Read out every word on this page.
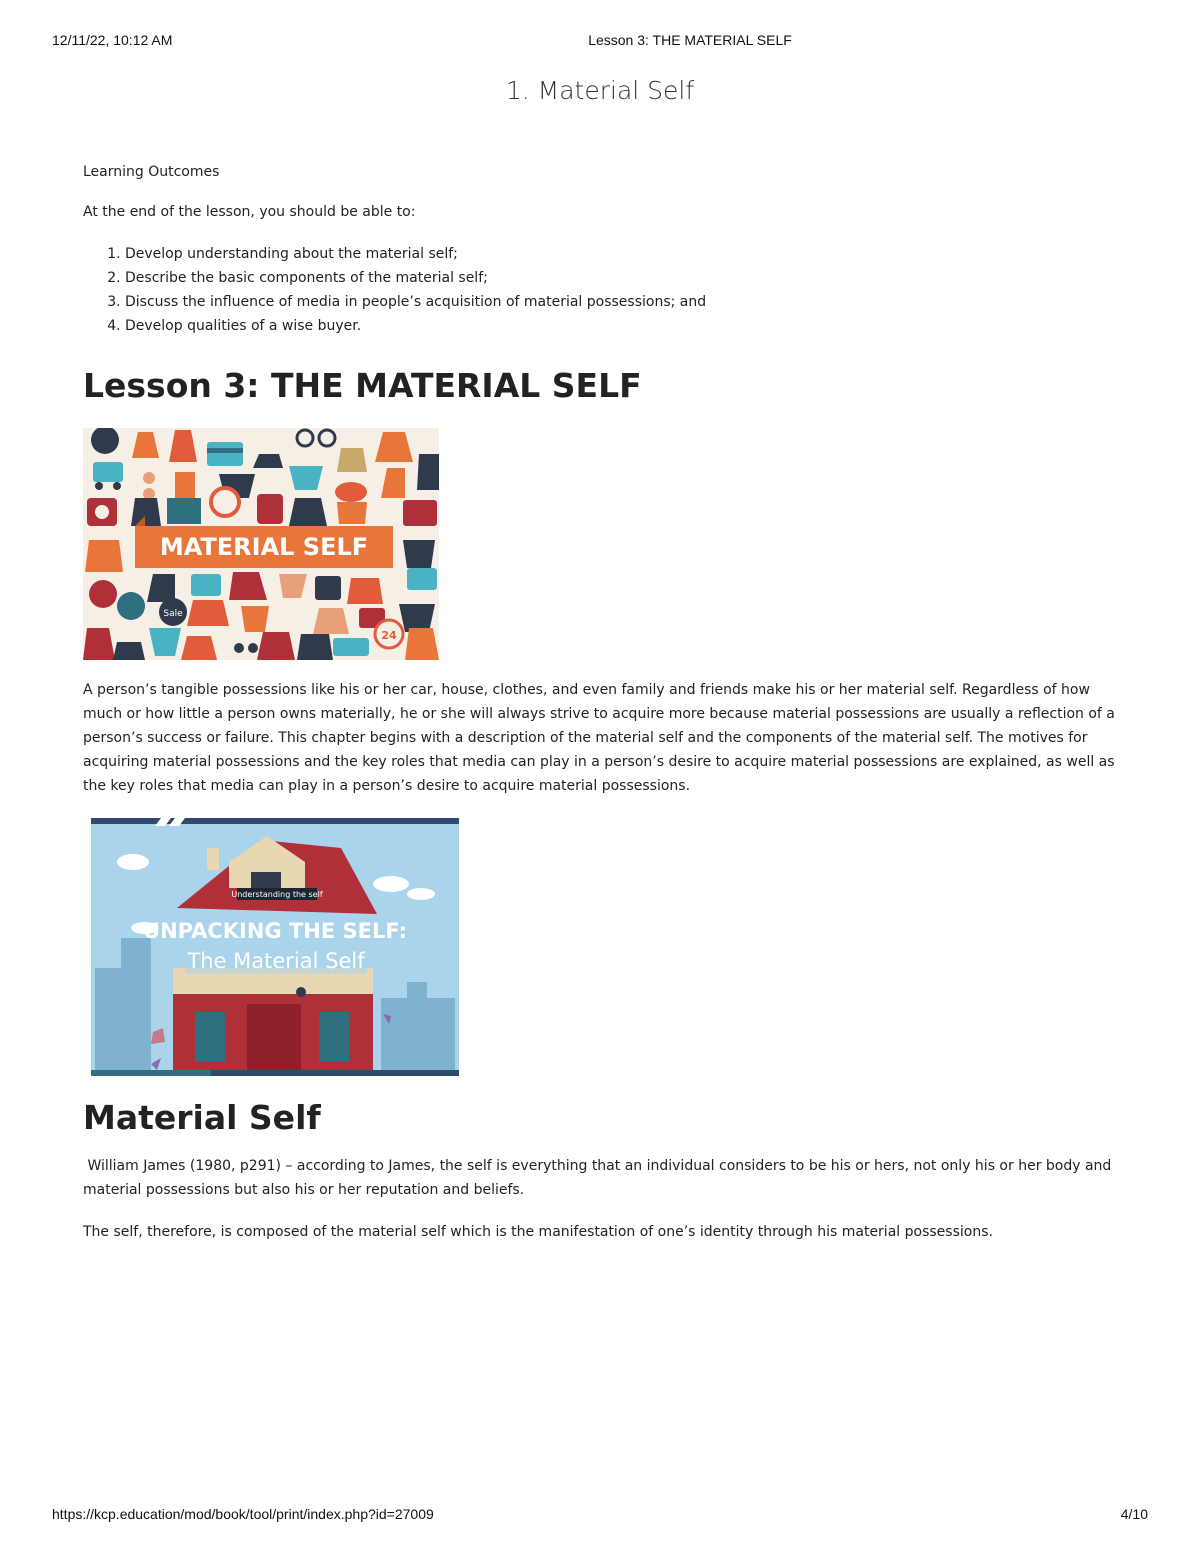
12/11/22, 10:12 AM	Lesson 3: THE MATERIAL SELF
1. Material Self

Learning Outcomes

At the end of the lesson, you should be able to:

1. Develop understanding about the material self;
2. Describe the basic components of the material self;
3. Discuss the influence of media in people’s acquisition of material possessions; and
4. Develop qualities of a wise buyer.
Lesson 3: THE MATERIAL SELF
MATERIAL SELF
Sale
24

A person’s tangible possessions like his or her car, house, clothes, and even family and friends make his or her material self. Regardless of how much or how little a person owns materially, he or she will always strive to acquire more because material possessions are usually a reflection of a person’s success or failure. This chapter begins with a description of the material self and the components of the material self. The motives for acquiring material possessions and the key roles that media can play in a person’s desire to acquire material possessions are explained, as well as the key roles that media can play in a person’s desire to acquire material possessions.

Understanding the self
UNPACKING THE SELF:
The Material Self
Material Self

William James (1980, p291) – according to James, the self is everything that an individual considers to be his or hers, not only his or her body and material possessions but also his or her reputation and beliefs.

The self, therefore, is composed of the material self which is the manifestation of one’s identity through his material possessions.

https://kcp.education/mod/book/tool/print/index.php?id=27009	4/10
